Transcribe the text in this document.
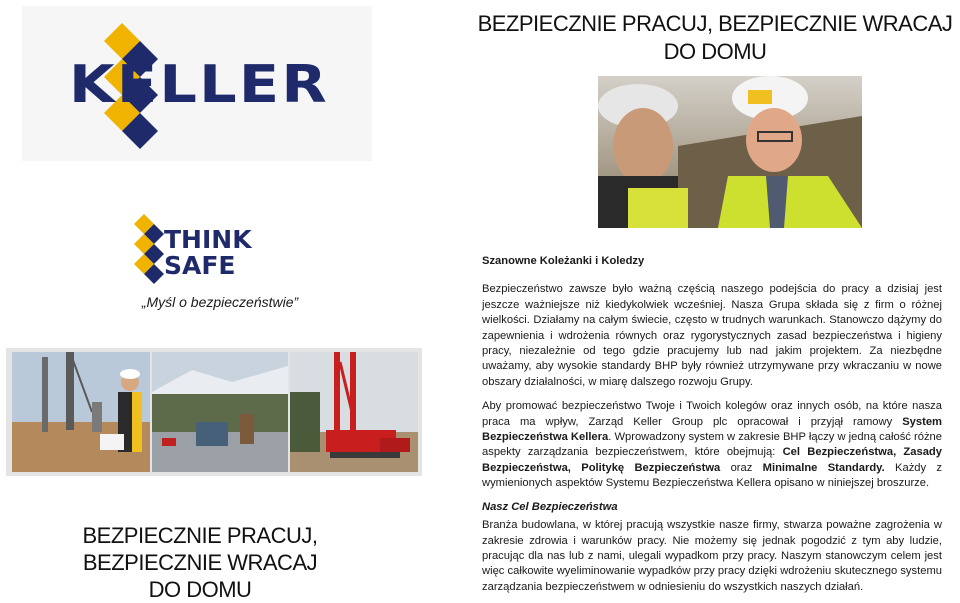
KELLER
THINK
SAFE
„Myśl o bezpieczeństwie”
BEZPIECZNIE PRACUJ,
BEZPIECZNIE WRACAJ
DO DOMU
BEZPIECZNIE PRACUJ, BEZPIECZNIE WRACAJ
DO DOMU

Szanowne Koleżanki i Koledzy

Bezpieczeństwo zawsze było ważną częścią naszego podejścia do pracy a dzisiaj jest jeszcze ważniejsze niż kiedykolwiek wcześniej. Nasza Grupa składa się z firm o różnej wielkości. Działamy na całym świecie, często w trudnych warunkach. Stanowczo dążymy do zapewnienia i wdrożenia równych oraz rygorystycznych zasad bezpieczeństwa i higieny pracy, niezależnie od tego gdzie pracujemy lub nad jakim projektem. Za niezbędne uważamy, aby wysokie standardy BHP były również utrzymywane przy wkraczaniu w nowe obszary działalności, w miarę dalszego rozwoju Grupy.

Aby promować bezpieczeństwo Twoje i Twoich kolegów oraz innych osób, na które nasza praca ma wpływ, Zarząd Keller Group plc opracował i przyjął ramowy System Bezpieczeństwa Kellera. Wprowadzony system w zakresie BHP łączy w jedną całość różne aspekty zarządzania bezpieczeństwem, które obejmują: Cel Bezpieczeństwa, Zasady Bezpieczeństwa, Politykę Bezpieczeństwa oraz Minimalne Standardy. Każdy z wymienionych aspektów Systemu Bezpieczeństwa Kellera opisano w niniejszej broszurze.

Nasz Cel Bezpieczeństwa

Branża budowlana, w której pracują wszystkie nasze firmy, stwarza poważne zagrożenia w zakresie zdrowia i warunków pracy. Nie możemy się jednak pogodzić z tym aby ludzie, pracując dla nas lub z nami, ulegali wypadkom przy pracy. Naszym stanowczym celem jest więc całkowite wyeliminowanie wypadków przy pracy dzięki wdrożeniu skutecznego systemu zarządzania bezpieczeństwem w odniesieniu do wszystkich naszych działań.
